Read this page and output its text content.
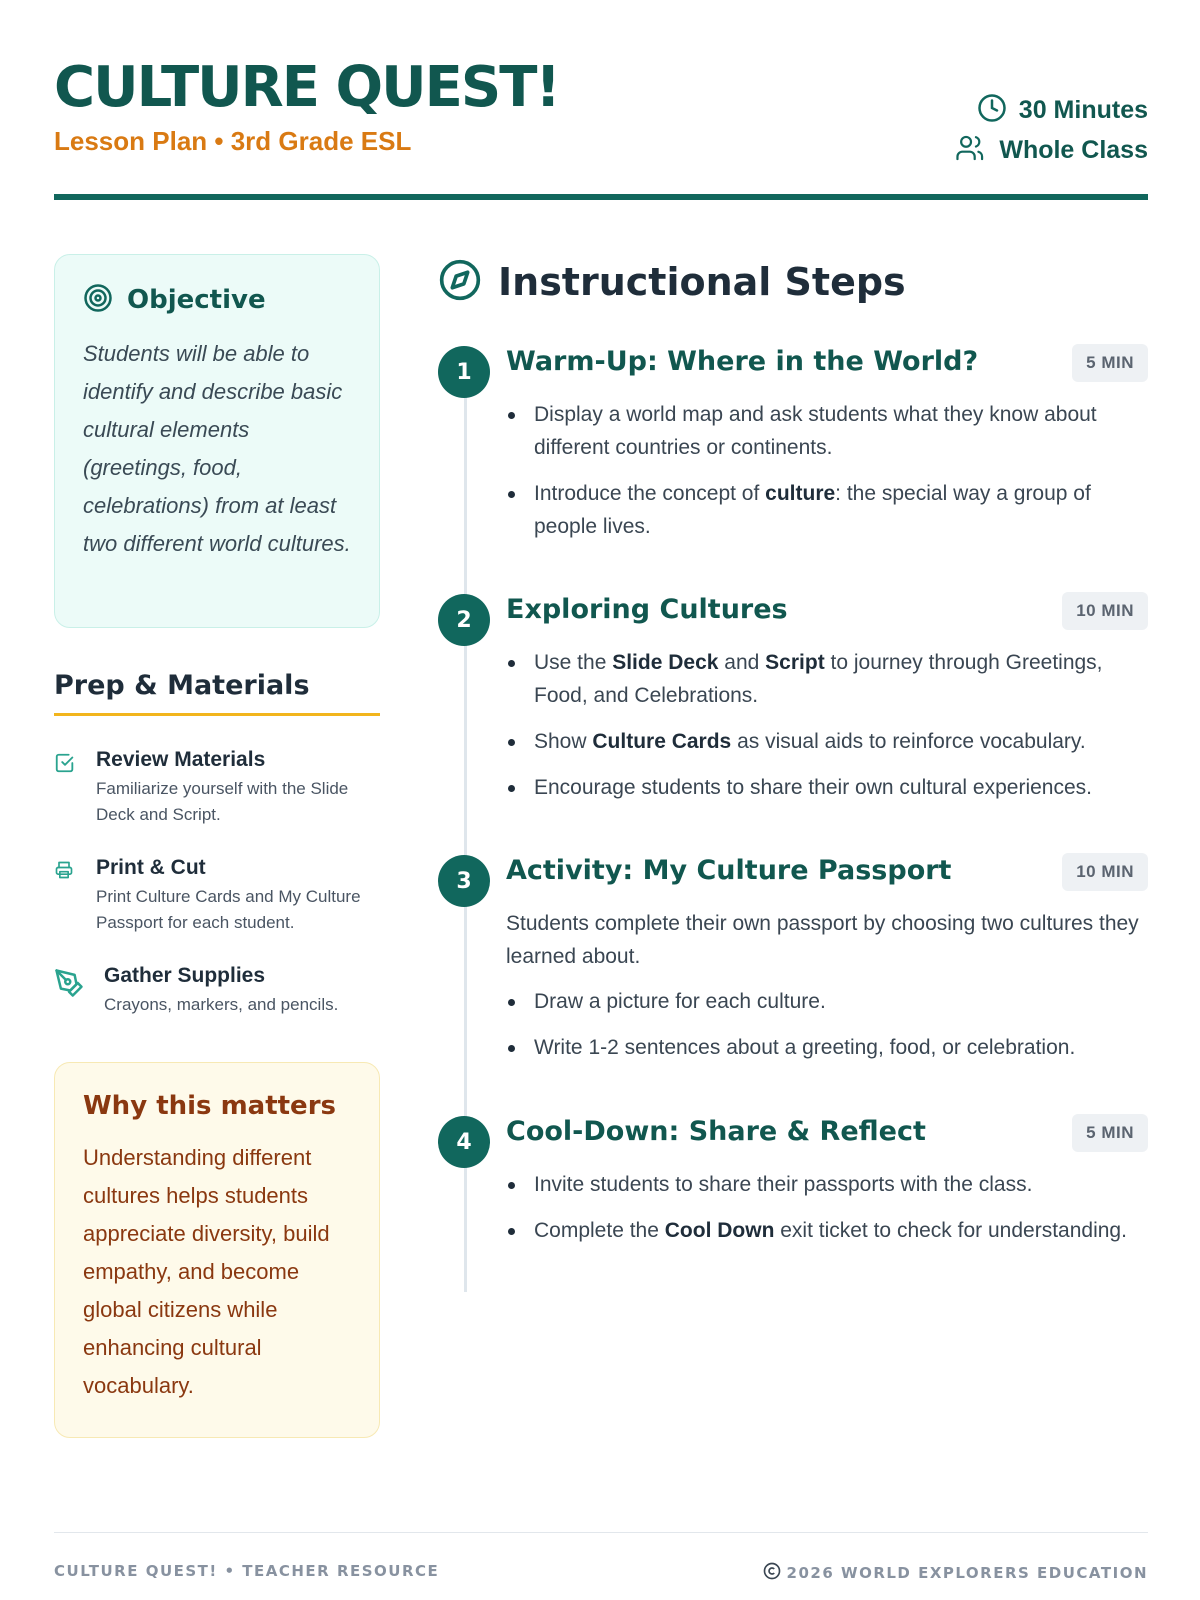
CULTURE QUEST!
Lesson Plan • 3rd Grade ESL
30 Minutes
Whole Class
Objective

Students will be able to identify and describe basic cultural elements (greetings, food, celebrations) from at least two different world cultures.

Prep & Materials
Review Materials
Familiarize yourself with the Slide Deck and Script.
Print & Cut
Print Culture Cards and My Culture Passport for each student.
Gather Supplies
Crayons, markers, and pencils.
Why this matters

Understanding different cultures helps students appreciate diversity, build empathy, and become global citizens while enhancing cultural vocabulary.

Instructional Steps
1	Warm-Up: Where in the World?	5 MIN
Display a world map and ask students what they know about different countries or continents.
Introduce the concept of culture: the special way a group of people lives.
2	Exploring Cultures	10 MIN
Use the Slide Deck and Script to journey through Greetings, Food, and Celebrations.
Show Culture Cards as visual aids to reinforce vocabulary.
Encourage students to share their own cultural experiences.
3	Activity: My Culture Passport	10 MIN

Students complete their own passport by choosing two cultures they learned about.

Draw a picture for each culture.
Write 1-2 sentences about a greeting, food, or celebration.
4	Cool-Down: Share & Reflect	5 MIN
Invite students to share their passports with the class.
Complete the Cool Down exit ticket to check for understanding.
CULTURE QUEST! • TEACHER RESOURCE	2026 WORLD EXPLORERS EDUCATION
